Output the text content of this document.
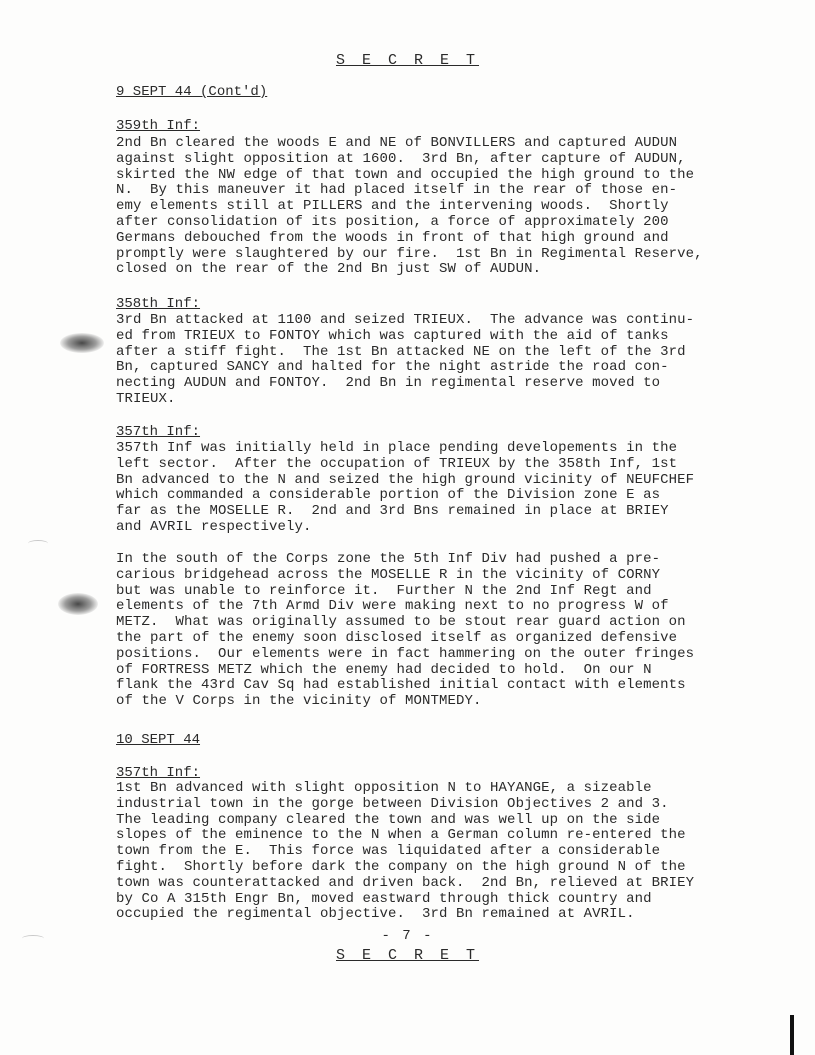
S E C R E T
9 SEPT 44 (Cont'd)
359th Inf:
2nd Bn cleared the woods E and NE of BONVILLERS and captured AUDUN
against slight opposition at 1600.  3rd Bn, after capture of AUDUN,
skirted the NW edge of that town and occupied the high ground to the
N.  By this maneuver it had placed itself in the rear of those en-
emy elements still at PILLERS and the intervening woods.  Shortly
after consolidation of its position, a force of approximately 200
Germans debouched from the woods in front of that high ground and
promptly were slaughtered by our fire.  1st Bn in Regimental Reserve,
closed on the rear of the 2nd Bn just SW of AUDUN.
358th Inf:
3rd Bn attacked at 1100 and seized TRIEUX.  The advance was continu-
ed from TRIEUX to FONTOY which was captured with the aid of tanks
after a stiff fight.  The 1st Bn attacked NE on the left of the 3rd
Bn, captured SANCY and halted for the night astride the road con-
necting AUDUN and FONTOY.  2nd Bn in regimental reserve moved to
TRIEUX.
357th Inf:
357th Inf was initially held in place pending developements in the
left sector.  After the occupation of TRIEUX by the 358th Inf, 1st
Bn advanced to the N and seized the high ground vicinity of NEUFCHEF
which commanded a considerable portion of the Division zone E as
far as the MOSELLE R.  2nd and 3rd Bns remained in place at BRIEY
and AVRIL respectively.
In the south of the Corps zone the 5th Inf Div had pushed a pre-
carious bridgehead across the MOSELLE R in the vicinity of CORNY
but was unable to reinforce it.  Further N the 2nd Inf Regt and
elements of the 7th Armd Div were making next to no progress W of
METZ.  What was originally assumed to be stout rear guard action on
the part of the enemy soon disclosed itself as organized defensive
positions.  Our elements were in fact hammering on the outer fringes
of FORTRESS METZ which the enemy had decided to hold.  On our N
flank the 43rd Cav Sq had established initial contact with elements
of the V Corps in the vicinity of MONTMEDY.
10 SEPT 44
357th Inf:
1st Bn advanced with slight opposition N to HAYANGE, a sizeable
industrial town in the gorge between Division Objectives 2 and 3.
The leading company cleared the town and was well up on the side
slopes of the eminence to the N when a German column re-entered the
town from the E.  This force was liquidated after a considerable
fight.  Shortly before dark the company on the high ground N of the
town was counterattacked and driven back.  2nd Bn, relieved at BRIEY
by Co A 315th Engr Bn, moved eastward through thick country and
occupied the regimental objective.  3rd Bn remained at AVRIL.
- 7 -
S E C R E T
